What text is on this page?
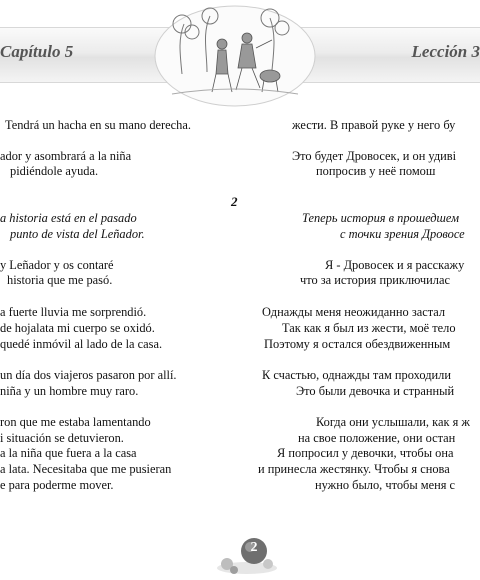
Capítulo 5	Lección 3
Tendrá un hacha en su mano derecha.
ador y asombrará a la niña
pidiéndole ayuda.
a historia está en el pasado
punto de vista del Leñador.
y Leñador y os contaré
historia que me pasó.
a fuerte lluvia me sorprendió.
de hojalata mi cuerpo se oxidó.
quedé inmóvil al lado de la casa.
un día dos viajeros pasaron por allí.
niña y un hombre muy raro.
ron que me estaba lamentando
i situación se detuvieron.
a la niña que fuera a la casa
a lata. Necesitaba que me pusieran
e para poderme mover.
жести. В правой руке у него бу
Это будет Дровосек, и он удиві
попросив у неё помош
Теперь история в прошедшем
с точки зрения Дровосе
Я - Дровосек и я расскажу
что за история приключилас
Однажды меня неожиданно застал
Так как я был из жести, моё тело
Поэтому я остался обездвиженным
К счастью, однажды там проходили
Это были девочка и странный
Когда они услышали, как я ж
на свое положение, они остан
Я попросил у девочки, чтобы она
и принесла жестянку. Чтобы я снова
нужно было, чтобы меня с
2
2
